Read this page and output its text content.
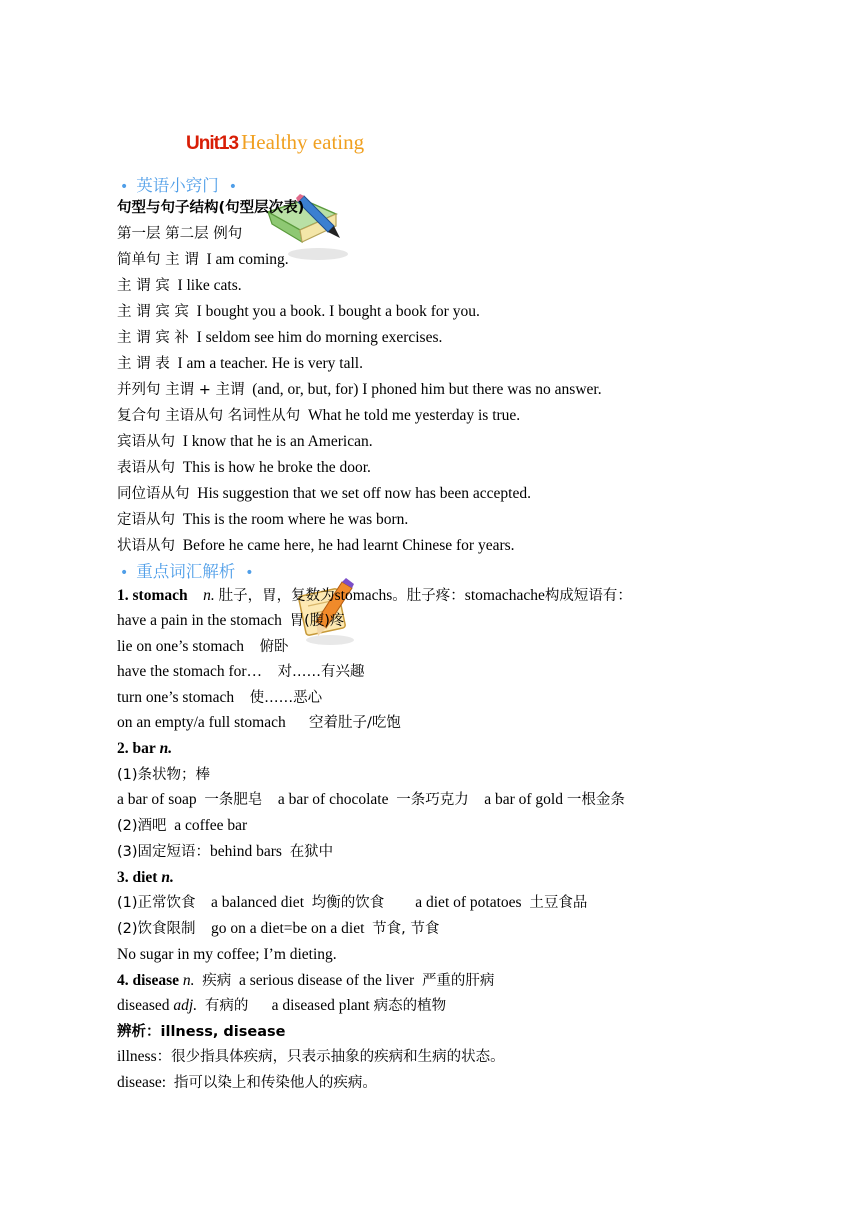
Unit13 Healthy eating
• 英语小窍门 •
句型与句子结构(句型层次表)
第一层 第二层 例句
简单句 主 谓 I am coming.
主 谓 宾 I like cats.
主 谓 宾 宾 I bought you a book. I bought a book for you.
主 谓 宾 补 I seldom see him do morning exercises.
主 谓 表 I am a teacher. He is very tall.
并列句 主谓 + 主谓 (and, or, but, for) I phoned him but there was no answer.
复合句 主语从句 名词性从句 What he told me yesterday is true.
宾语从句 I know that he is an American.
表语从句 This is how he broke the door.
同位语从句 His suggestion that we set off now has been accepted.
定语从句 This is the room where he was born.
状语从句 Before he came here, he had learnt Chinese for years.
• 重点词汇解析 •
1. stomach n. 肚子，胃，复数为stomachs。肚子疼：stomachache构成短语有：
have a pain in the stomach 胃(腹)疼
lie on one’s stomach 俯卧
have the stomach for… 对……有兴趣
turn one’s stomach 使……恶心
on an empty/a full stomach 空着肚子/吃饱
2. bar n.
(1)条状物；棒
a bar of soap 一条肥皂 a bar of chocolate 一条巧克力 a bar of gold 一根金条
(2)酒吧 a coffee bar
(3)固定短语：behind bars 在狱中
3. diet n.
(1)正常饮食 a balanced diet 均衡的饮食 a diet of potatoes 土豆食品
(2)饮食限制 go on a diet=be on a diet 节食, 节食
No sugar in my coffee; I’m dieting.
4. disease n. 疾病 a serious disease of the liver 严重的肝病
diseased adj. 有病的 a diseased plant 病态的植物
辨析：illness, disease
illness：很少指具体疾病，只表示抽象的疾病和生病的状态。
disease: 指可以染上和传染他人的疾病。
